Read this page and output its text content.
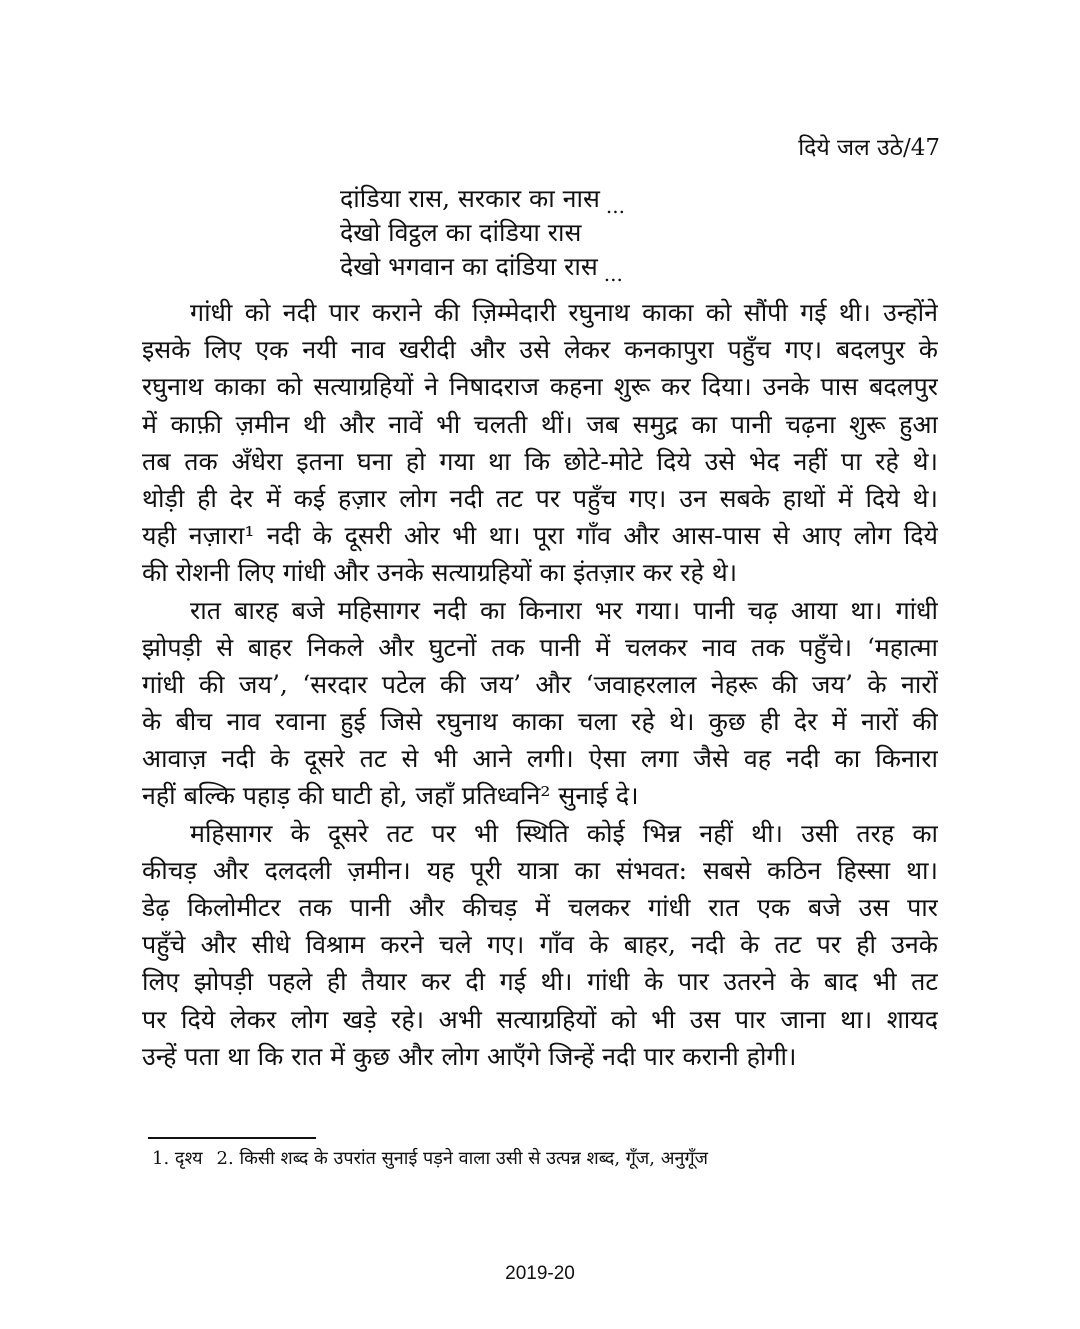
दिये जल उठे/47
दांडिया रास, सरकार का नास $_{...}$
देखो विट्ठल का दांडिया रास
देखो भगवान का दांडिया रास $_{...}$
गांधी को नदी पार कराने की ज़िम्मेदारी रघुनाथ काका को सौंपी गई थी। उन्होंने
इसके लिए एक नयी नाव खरीदी और उसे लेकर कनकापुरा पहुँच गए। बदलपुर के
रघुनाथ काका को सत्याग्रहियों ने निषादराज कहना शुरू कर दिया। उनके पास बदलपुर
में काफ़ी ज़मीन थी और नावें भी चलती थीं। जब समुद्र का पानी चढ़ना शुरू हुआ
तब तक अँधेरा इतना घना हो गया था कि छोटे-मोटे दिये उसे भेद नहीं पा रहे थे।
थोड़ी ही देर में कई हज़ार लोग नदी तट पर पहुँच गए। उन सबके हाथों में दिये थे।
यही नज़ारा¹ नदी के दूसरी ओर भी था। पूरा गाँव और आस-पास से आए लोग दिये
की रोशनी लिए गांधी और उनके सत्याग्रहियों का इंतज़ार कर रहे थे।
रात बारह बजे महिसागर नदी का किनारा भर गया। पानी चढ़ आया था। गांधी
झोपड़ी से बाहर निकले और घुटनों तक पानी में चलकर नाव तक पहुँचे। ‘महात्मा
गांधी की जय’, ‘सरदार पटेल की जय’ और ‘जवाहरलाल नेहरू की जय’ के नारों
के बीच नाव रवाना हुई जिसे रघुनाथ काका चला रहे थे। कुछ ही देर में नारों की
आवाज़ नदी के दूसरे तट से भी आने लगी। ऐसा लगा जैसे वह नदी का किनारा
नहीं बल्कि पहाड़ की घाटी हो, जहाँ प्रतिध्वनि² सुनाई दे।
महिसागर के दूसरे तट पर भी स्थिति कोई भिन्न नहीं थी। उसी तरह का
कीचड़ और दलदली ज़मीन। यह पूरी यात्रा का संभवत: सबसे कठिन हिस्सा था।
डेढ़ किलोमीटर तक पानी और कीचड़ में चलकर गांधी रात एक बजे उस पार
पहुँचे और सीधे विश्राम करने चले गए। गाँव के बाहर, नदी के तट पर ही उनके
लिए झोपड़ी पहले ही तैयार कर दी गई थी। गांधी के पार उतरने के बाद भी तट
पर दिये लेकर लोग खड़े रहे। अभी सत्याग्रहियों को भी उस पार जाना था। शायद
उन्हें पता था कि रात में कुछ और लोग आएँगे जिन्हें नदी पार करानी होगी।
1. दृश्य 2. किसी शब्द के उपरांत सुनाई पड़ने वाला उसी से उत्पन्न शब्द, गूँज, अनुगूँज
2019-20
